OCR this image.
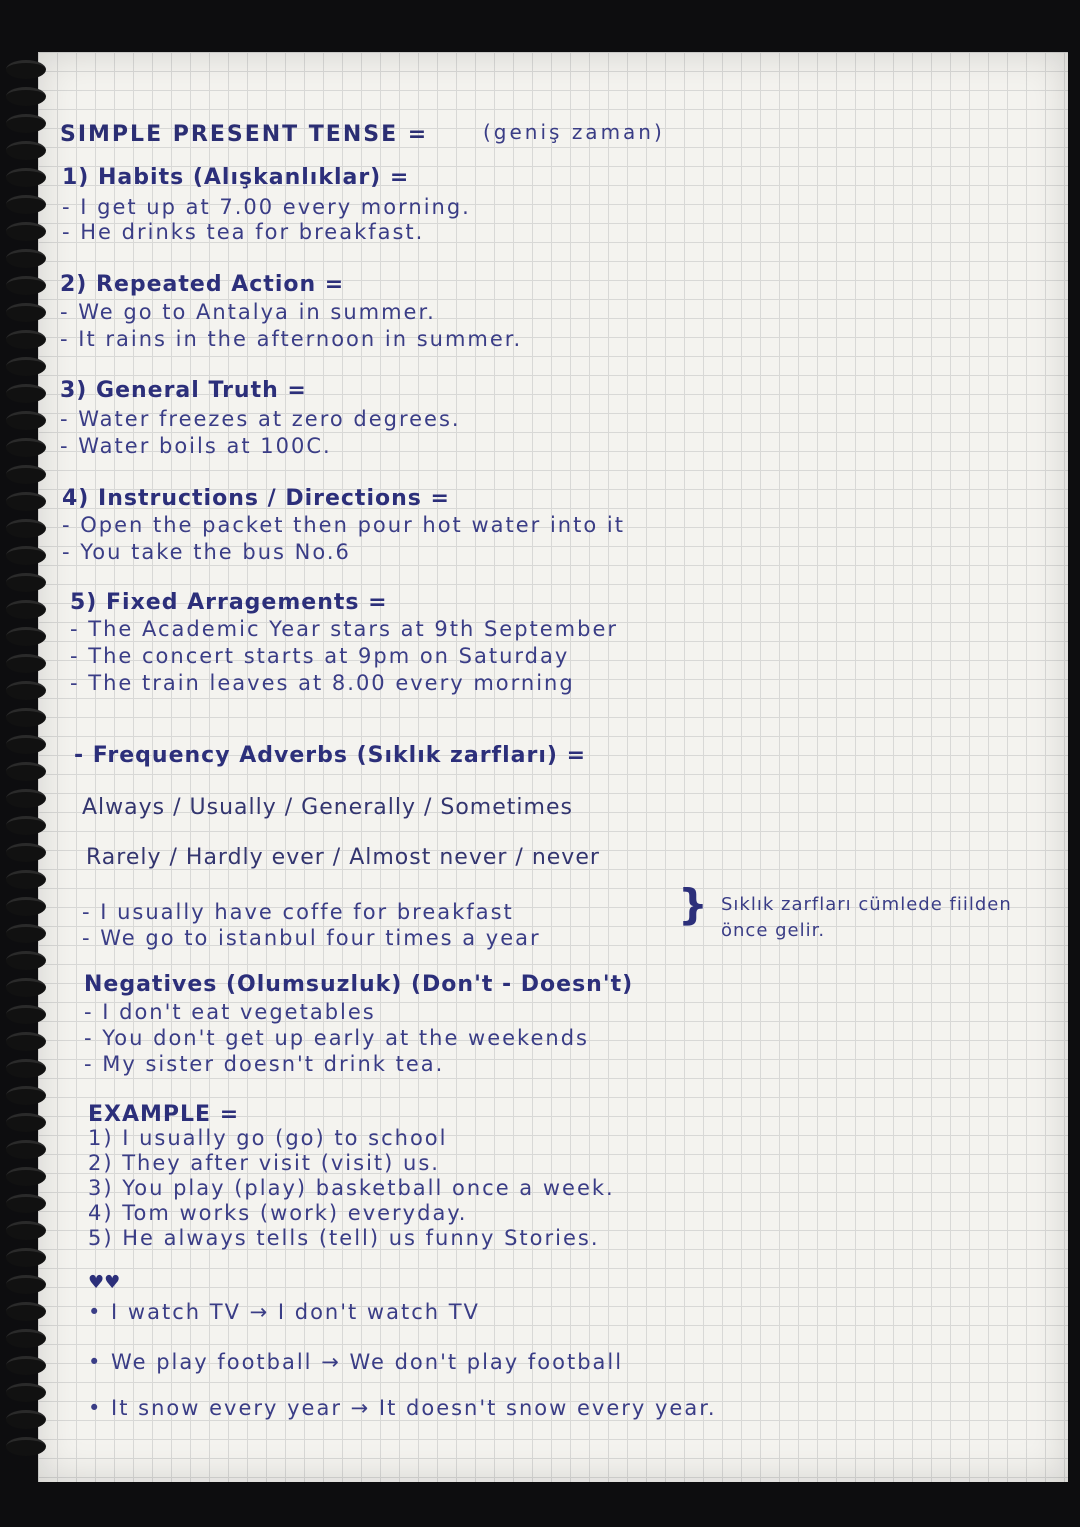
SIMPLE PRESENT TENSE =	(geniş zaman)
1) Habits (Alışkanlıklar) =
- I get up at 7.00 every morning.
- He drinks tea for breakfast.
2) Repeated Action =
- We go to Antalya in summer.
- It rains in the afternoon in summer.
3) General Truth =
- Water freezes at zero degrees.
- Water boils at 100C.
4) Instructions / Directions =
- Open the packet then pour hot water into it
- You take the bus No.6
5) Fixed Arragements =
- The Academic Year stars at 9th September
- The concert starts at 9pm on Saturday
- The train leaves at 8.00 every morning
- Frequency Adverbs (Sıklık zarfları) =
Always / Usually / Generally / Sometimes
Rarely / Hardly ever / Almost never / never
- I usually have coffe for breakfast
- We go to istanbul four times a year
} Sıklık zarfları cümlede fiilden önce gelir.
Negatives (Olumsuzluk) (Don't - Doesn't)
- I don't eat vegetables
- You don't get up early at the weekends
- My sister doesn't drink tea.
EXAMPLE =
1) I usually go (go) to school
2) They after visit (visit) us.
3) You play (play) basketball once a week.
4) Tom works (work) everyday.
5) He always tells (tell) us funny Stories.
♥♥
• I watch TV → I don't watch TV
• We play football → We don't play football
• It snow every year → It doesn't snow every year.
